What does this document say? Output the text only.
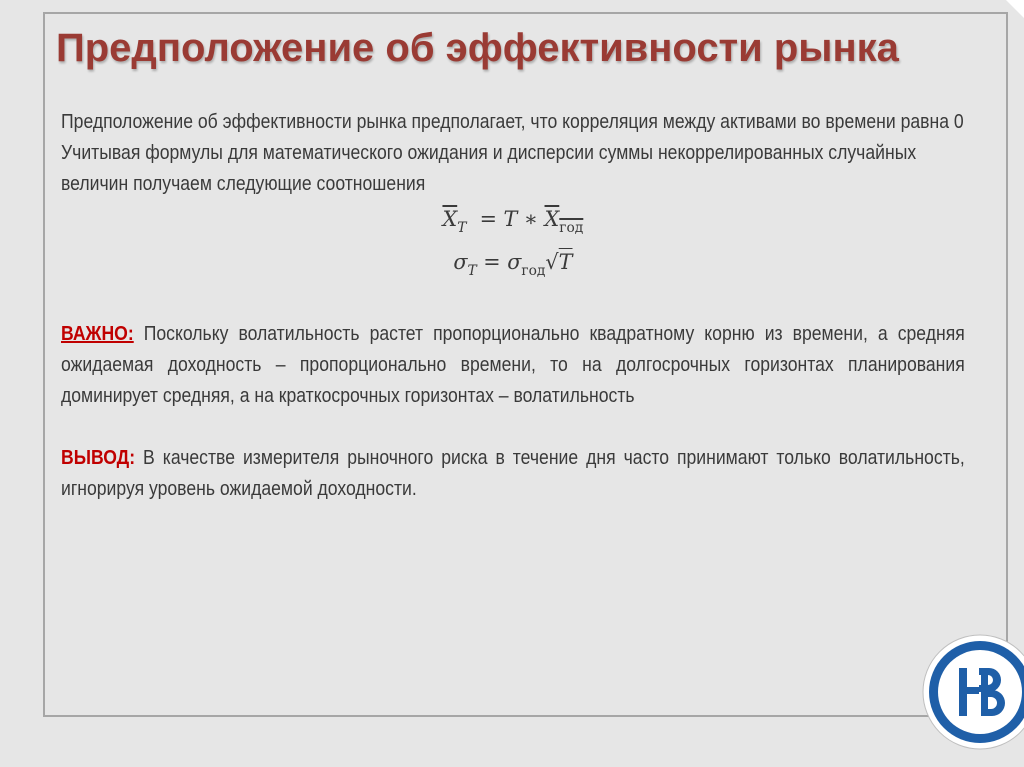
Предположение об эффективности рынка

Предположение об эффективности рынка предполагает, что корреляция между активами во времени равна 0

Учитывая формулы для математического ожидания и дисперсии суммы некоррелированных случайных величин получаем следующие соотношения

$\overline{X}_T = T$ ∗ $X_{год}$
$\sigma_T = \sigma_{год}√T$

ВАЖНО: Поскольку волатильность растет пропорционально квадратному корню из времени, а средняя ожидаемая доходность – пропорционально времени, то на долгосрочных горизонтах планирования доминирует средняя, а на краткосрочных горизонтах – волатильность

ВЫВОД: В качестве измерителя рыночного риска в течение дня часто принимают только волатильность, игнорируя уровень ожидаемой доходности.
